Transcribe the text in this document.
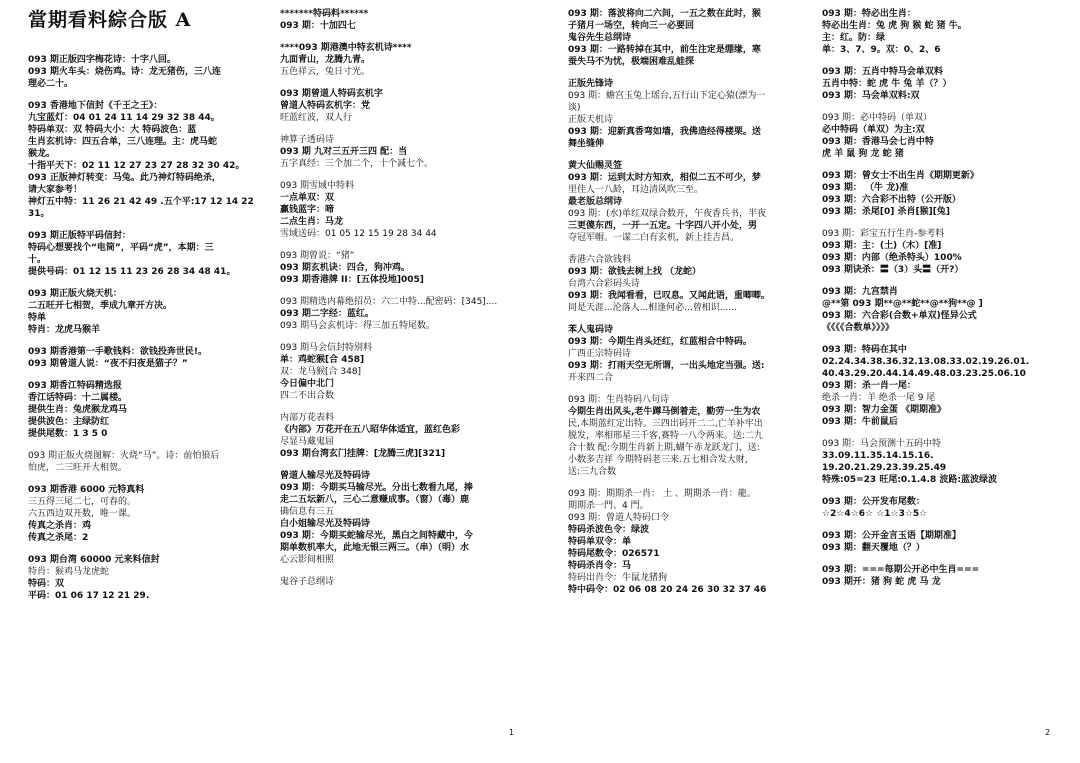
當期看料綜合版 A
093 期正版四字梅花诗：十字八回。
093 期火车头：烧伤鸡。诗：龙无猪伤，三八连
理必二十。
093 香港地下信封《千王之王》：
九宝蓝灯：04 01 24 11 14 29 32 38 44。
特码单双：双 特码大小：大 特码波色：蓝
生肖玄机诗：四五合单，三八连理。主：虎马蛇
猴龙。
十指平天下：02 11 12 27 23 27 28 32 30 42。
093 正版神灯转变：马兔。此乃神灯特码绝杀，
请大家参考！
神灯五中特：11 26 21 42 49 .五个平:17 12 14 22
31。
093 期正版特平码信封：
特码心想要找个“电筒”，平码“虎”，本期：三
十。
提供号码：01 12 15 11 23 26 28 34 48 41。
093 期正版火烧天机：
二五旺开七相贺，季成九章开方决。
特单
特肖：龙虎马猴羊
093 期香港第一手歌钱料：欲钱投奔世民!。
093 期曾道人说：“夜不归夜是猫子？”
093 期香江特码精选报
香江话特码：十二属楼。
提供生肖：兔虎猴龙鸡马
提供波色：主绿防红
提供尾数：1 3 5 0
093 期正版火烧图解：火烧“马”。诗：前怕狼后
怕虎，二三旺开大相贺。
093 期香港 6000 元特真料
三五得三尾二七，可春的。
六五西边双开数，唯一课。
传真之杀肖：鸡
传真之杀尾：2
093 期台湾 60000 元来料信封
特肖：猴鸡马龙虎蛇
特码：双
平码：01 06 17 12 21 29.
*******特码料******
093 期：十加四七
****093 期港澳中特玄机诗****
九面青山，龙腾九青。
五色祥云，兔日寸光。
093 期曾道人特码玄机字
曾道人特码玄机字：党
旺蓝红波，双人行
神算子透码诗
093 期 九对三五开三四 配：当
五字真经：三个加二个，十个减七个。
093 期雪域中特料
一点单双：双
赢钱蓝字：啼
二点生肖：马龙
雪域送码：01 05 12 15 19 28 34 44
093 期曾说：“猪”
093 期玄机诀：四合，狗冲鸡。
093 期香港牌 II：[五体投地]005]
093 期精选内幕绝招员：六二中特...配密码：[345]....
093 期二字经：蓝红。
093 期马会玄机诗：得三加五特尾数。
093 期马会信封特别料
单：鸡蛇猴[合 458]
双：龙马猴[合 348]
今日偏中北门
四二不出合数
内部万花表料
《内部》万花开在五八昭华体适宜，蓝红色彩
尽显马藏鬼屈
093 期台湾玄门挂牌：[龙腾三虎][321]
曾道人输尽光及特码诗
093 期：今期买马输尽光。分出七数看九尾，捧
走二五坛新八，三心二意赚成事。（窗）（毒）鹿
确信息有三五
白小姐输尽光及特码诗
093 期：今期买蛇输尽光，黑白之间特藏中，今
期单数机率大，此地无银三两三。（串）（明）水
心云影间相照
鬼谷子总纲诗
1
093 期：落波将向二六间，一五之数在此时，猴
子猪月一场空，转向三一必要回
鬼谷先生总纲诗
093 期：一路转掉在其中，前生注定是绷缘，寒
蚕失马不为忧，极端困难乱蛙探
正版先锋诗
093 期：蟾宫玉兔上瑶台,五行山下定心猿(漂为一
谈)
正版天机诗
093 期：迎新真香弯如墙，我佛造经得楼栗。送
舞坐缝伸
黄大仙赐灵签
093 期：运到太时方知欢，相似二五不可少，梦
里佳人一八龄，耳边清风吹三至。
最老版总纲诗
093 期：(水)单红双绿合数开，午夜香兵书，半夜
三更傻东西，一开一五定。十字四八开小处，男
夺冠军帽。一谋二白有玄机，新上挂吉昌。
香港六合欲钱料
093 期：欲钱去树上找 （龙蛇）
台湾六合彩码头诗
093 期：我闻看看，已叹息。又闻此语，重唧唧。
同是天涯...沦落人...相逢何必...曾相识......
苯人鬼码诗
093 期：今期生肖头还红，红蓝相合中特码。
广西正宗特码诗
093 期：打雨天空无所谓，一出头地定当强。送:
开来四二合
093 期：生肖特码八句诗
今期生肖出风头,老牛蹲马倒着走，勤劳一生为农
民,本期蓝红定出特。三四出码开二二,亡羊补牢出
脱发，率相邢星三千客,赛特一八令两来。送:二九
合十数 配:今期生肖新上期,蝴午赤龙跃龙门，送:
小数多吉祥 今期特码老三来.五七相合发大财，
送:三九合数
093 期：期期杀一肖： 土 、期期杀一肖：龍。
期期杀一門、4 門。
093 期：曾道人特码口令
特码杀波色令：绿波
特码单双令：单
特码尾数令：026571
特码杀肖令：马
特码出肖令：牛鼠龙猪狗
特中码令：02 06 08 20 24 26 30 32 37 46
093 期：特必出生肖：
特必出生肖：兔 虎 狗 猴 蛇 猪 牛。
主：红。防：绿
单：3、7、9。双：0、2、6
093 期：五肖中特马会单双料
五肖中特：蛇 虎 牛 兔 羊（？）
093 期：马会单双料:双
093 期：必中特码（单双）
必中特码（单双）为主:双
093 期：香港马会七肖中特
虎 羊 鼠 狗 龙 蛇 猪
093 期：曾女士不出生肖《期期更新》
093 期： （牛 龙)准
093 期：六合彩不出特（公开版）
093 期：杀尾[0] 杀肖[猴][兔]
093 期：彩宝五行生肖-参考料
093 期：主：(土)（木）[准]
093 期：内部（绝杀特头）100%
093 期诀杀：〓（3）头〓（开?）
093 期：九宫禁肖
@**第 093 期**@**蛇**@**狗**@ ]
093 期：六合彩(合数+单双)怪异公式
《《《《合数单》》》》
093 期：特码在其中
02.24.34.38.36.32.13.08.33.02.19.26.01.
40.43.29.20.44.14.49.48.03.23.25.06.10
093 期：杀一肖一尾：
绝杀一肖：羊 绝杀一尾 9 尾
093 期：智力金蛋 《期期准》
093 期：牛前鼠后
093 期：马会预测十五码中特
33.09.11.35.14.15.16.
19.20.21.29.23.39.25.49
特殊:05=23 旺尾:0.1.4.8 波路:蓝波绿波
093 期：公开发布尾数：
☆2☆4☆6☆ ☆1☆3☆5☆
093 期：公开金言玉语【期期准】
093 期：翻天覆地（？）
093 期：===每期公开必中生肖===
093 期开：猪 狗 蛇 虎 马 龙
2
